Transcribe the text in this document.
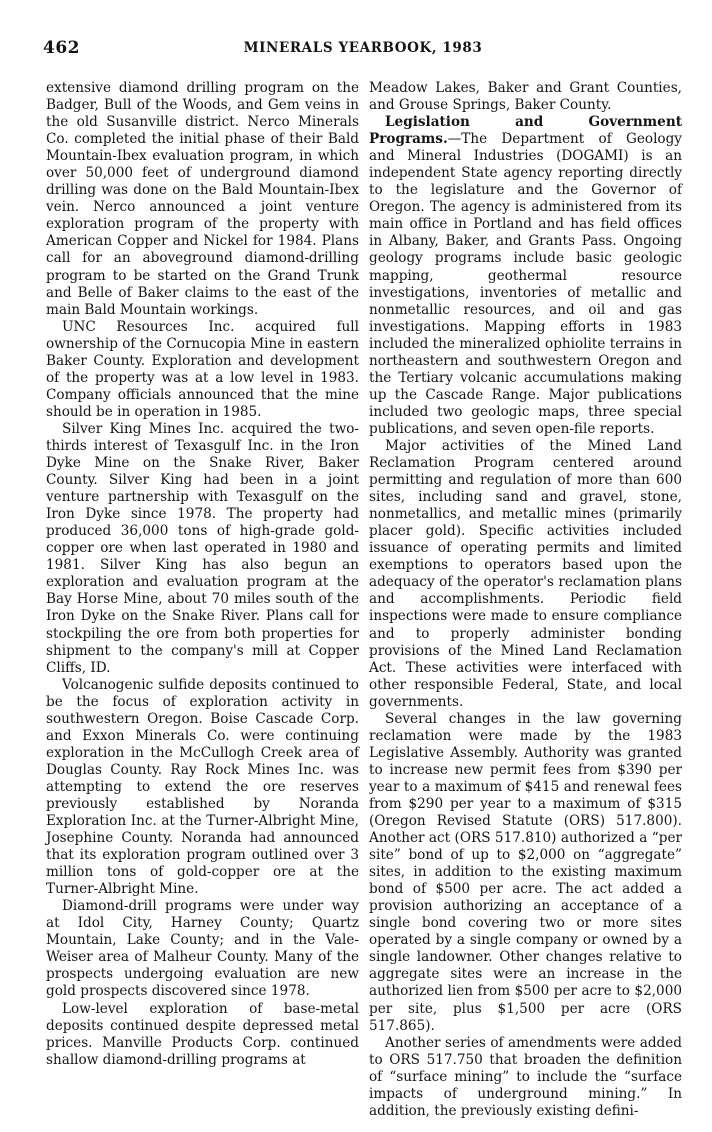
462	MINERALS YEARBOOK, 1983

extensive diamond drilling program on the Badger, Bull of the Woods, and Gem veins in the old Susanville district. Nerco Minerals Co. completed the initial phase of their Bald Mountain-Ibex evaluation program, in which over 50,000 feet of underground diamond drilling was done on the Bald Mountain-Ibex vein. Nerco announced a joint venture exploration program of the property with American Copper and Nickel for 1984. Plans call for an aboveground diamond-drilling program to be started on the Grand Trunk and Belle of Baker claims to the east of the main Bald Mountain workings.

UNC Resources Inc. acquired full ownership of the Cornucopia Mine in eastern Baker County. Exploration and development of the property was at a low level in 1983. Company officials announced that the mine should be in operation in 1985.

Silver King Mines Inc. acquired the two-thirds interest of Texasgulf Inc. in the Iron Dyke Mine on the Snake River, Baker County. Silver King had been in a joint venture partnership with Texasgulf on the Iron Dyke since 1978. The property had produced 36,000 tons of high-grade gold-copper ore when last operated in 1980 and 1981. Silver King has also begun an exploration and evaluation program at the Bay Horse Mine, about 70 miles south of the Iron Dyke on the Snake River. Plans call for stockpiling the ore from both properties for shipment to the company's mill at Copper Cliffs, ID.

Volcanogenic sulfide deposits continued to be the focus of exploration activity in southwestern Oregon. Boise Cascade Corp. and Exxon Minerals Co. were continuing exploration in the McCullogh Creek area of Douglas County. Ray Rock Mines Inc. was attempting to extend the ore reserves previously established by Noranda Exploration Inc. at the Turner-Albright Mine, Josephine County. Noranda had announced that its exploration program outlined over 3 million tons of gold-copper ore at the Turner-Albright Mine.

Diamond-drill programs were under way at Idol City, Harney County; Quartz Mountain, Lake County; and in the Vale-Weiser area of Malheur County. Many of the prospects undergoing evaluation are new gold prospects discovered since 1978.

Low-level exploration of base-metal deposits continued despite depressed metal prices. Manville Products Corp. continued shallow diamond-drilling programs at

Meadow Lakes, Baker and Grant Counties, and Grouse Springs, Baker County.

Legislation and Government Programs.—The Department of Geology and Mineral Industries (DOGAMI) is an independent State agency reporting directly to the legislature and the Governor of Oregon. The agency is administered from its main office in Portland and has field offices in Albany, Baker, and Grants Pass. Ongoing geology programs include basic geologic mapping, geothermal resource investigations, inventories of metallic and nonmetallic resources, and oil and gas investigations. Mapping efforts in 1983 included the mineralized ophiolite terrains in northeastern and southwestern Oregon and the Tertiary volcanic accumulations making up the Cascade Range. Major publications included two geologic maps, three special publications, and seven open-file reports.

Major activities of the Mined Land Reclamation Program centered around permitting and regulation of more than 600 sites, including sand and gravel, stone, nonmetallics, and metallic mines (primarily placer gold). Specific activities included issuance of operating permits and limited exemptions to operators based upon the adequacy of the operator's reclamation plans and accomplishments. Periodic field inspections were made to ensure compliance and to properly administer bonding provisions of the Mined Land Reclamation Act. These activities were interfaced with other responsible Federal, State, and local governments.

Several changes in the law governing reclamation were made by the 1983 Legislative Assembly. Authority was granted to increase new permit fees from $390 per year to a maximum of $415 and renewal fees from $290 per year to a maximum of $315 (Oregon Revised Statute (ORS) 517.800). Another act (ORS 517.810) authorized a “per site” bond of up to $2,000 on “aggregate” sites, in addition to the existing maximum bond of $500 per acre. The act added a provision authorizing an acceptance of a single bond covering two or more sites operated by a single company or owned by a single landowner. Other changes relative to aggregate sites were an increase in the authorized lien from $500 per acre to $2,000 per site, plus $1,500 per acre (ORS 517.865).

Another series of amendments were added to ORS 517.750 that broaden the definition of “surface mining” to include the “surface impacts of underground mining.” In addition, the previously existing defini-
